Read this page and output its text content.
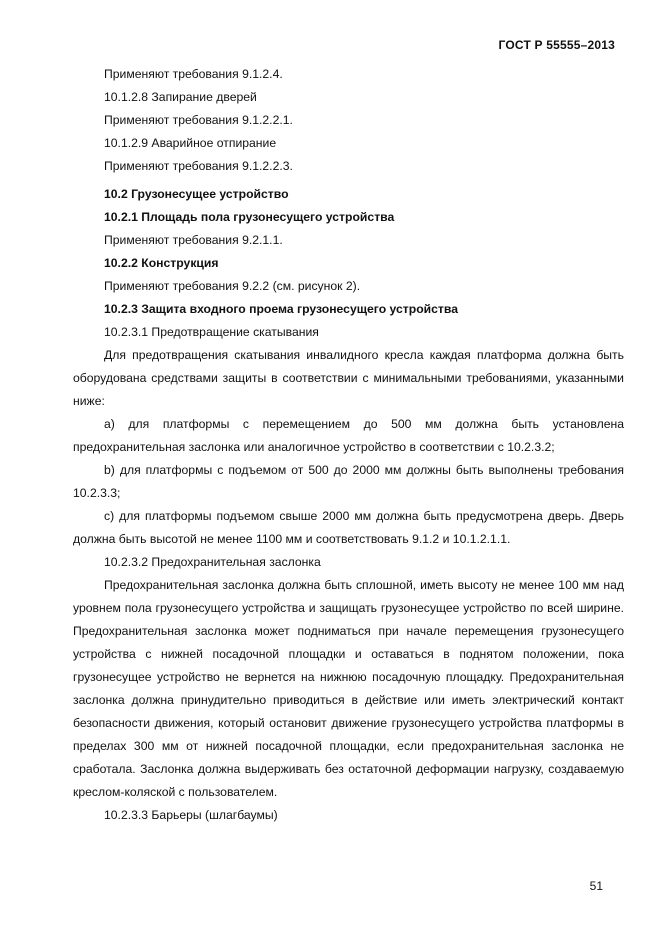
ГОСТ Р 55555–2013
Применяют требования 9.1.2.4.
10.1.2.8 Запирание дверей
Применяют требования 9.1.2.2.1.
10.1.2.9 Аварийное отпирание
Применяют требования 9.1.2.2.3.
10.2 Грузонесущее устройство
10.2.1 Площадь пола грузонесущего устройства
Применяют требования 9.2.1.1.
10.2.2 Конструкция
Применяют требования 9.2.2 (см. рисунок 2).
10.2.3 Защита входного проема грузонесущего устройства
10.2.3.1 Предотвращение скатывания

Для предотвращения скатывания инвалидного кресла каждая платформа должна быть оборудована средствами защиты в соответствии с минимальными требованиями, указанными ниже:

a) для платформы с перемещением до 500 мм должна быть установлена предохранительная заслонка или аналогичное устройство в соответствии с 10.2.3.2;

b) для платформы с подъемом от 500 до 2000 мм должны быть выполнены требования 10.2.3.3;

c) для платформы подъемом свыше 2000 мм должна быть предусмотрена дверь. Дверь должна быть высотой не менее 1100 мм и соответствовать 9.1.2 и 10.1.2.1.1.

10.2.3.2 Предохранительная заслонка

Предохранительная заслонка должна быть сплошной, иметь высоту не менее 100 мм над уровнем пола грузонесущего устройства и защищать грузонесущее устройство по всей ширине. Предохранительная заслонка может подниматься при начале перемещения грузонесущего устройства с нижней посадочной площадки и оставаться в поднятом положении, пока грузонесущее устройство не вернется на нижнюю посадочную площадку. Предохранительная заслонка должна принудительно приводиться в действие или иметь электрический контакт безопасности движения, который остановит движение грузонесущего устройства платформы в пределах 300 мм от нижней посадочной площадки, если предохранительная заслонка не сработала. Заслонка должна выдерживать без остаточной деформации нагрузку, создаваемую креслом-коляской с пользователем.

10.2.3.3 Барьеры (шлагбаумы)
51
